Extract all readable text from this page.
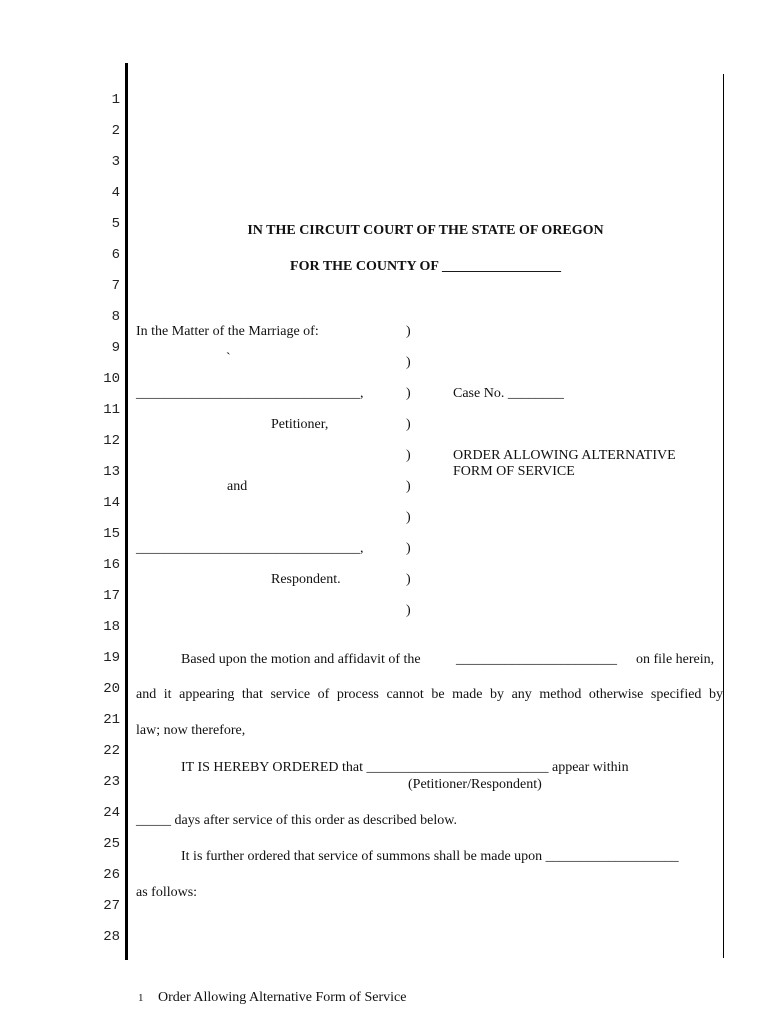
1
2
3
4
5
6
7
8
9
10
11
12
13
14
15
16
17
18
19
20
21
22
23
24
25
26
27
28
IN THE CIRCUIT COURT OF THE STATE OF OREGON
FOR THE COUNTY OF _________________
In the Matter of the Marriage of:
`
________________________________,
Petitioner,
and
________________________________,
Respondent.
)
)
)
)
)
)
)
)
)
)
Case No. ________
ORDER ALLOWING ALTERNATIVE
FORM OF SERVICE
Based upon the motion and affidavit of the	_______________________ on file herein,
and it appearing that service of process cannot be made by any method otherwise specified by
law; now therefore,
IT IS HEREBY ORDERED that __________________________ appear within
(Petitioner/Respondent)
_____ days after service of this order as described below.
It is further ordered that service of summons shall be made upon ___________________
as follows:
1 Order Allowing Alternative Form of Service
